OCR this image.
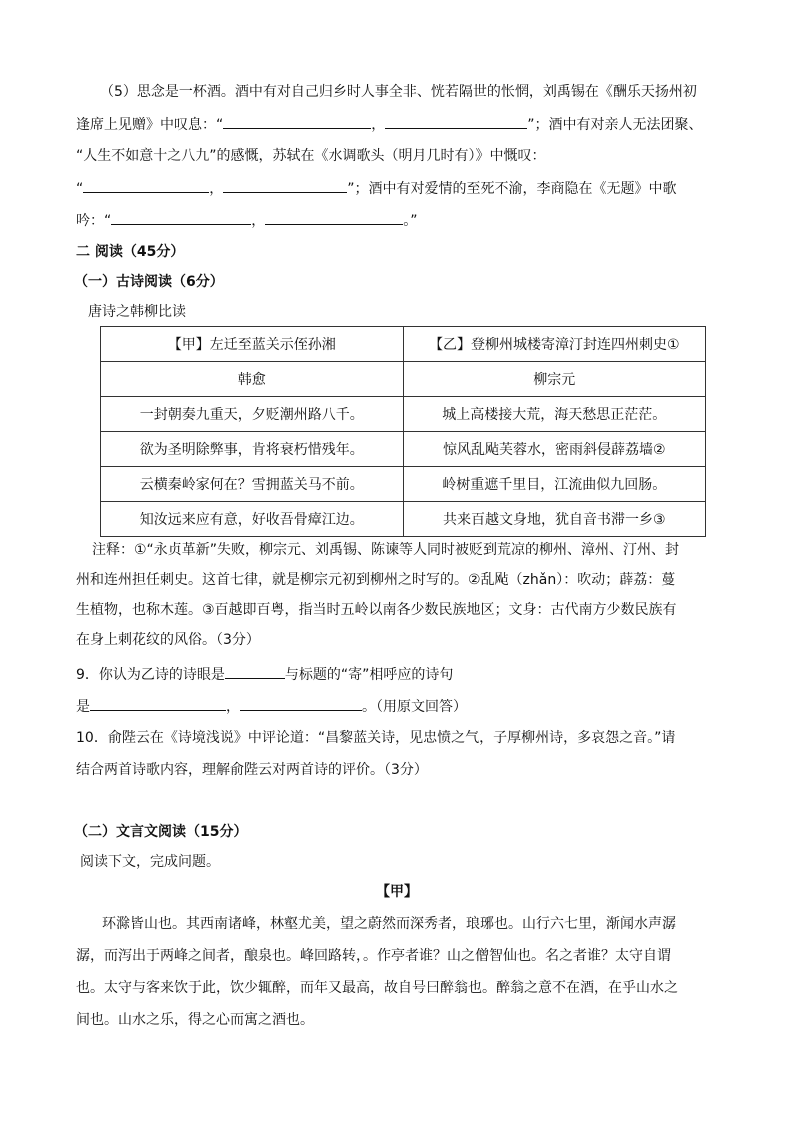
（5）思念是一杯酒。酒中有对自己归乡时人事全非、恍若隔世的怅惘，刘禹锡在《酬乐天扬州初
逢席上见赠》中叹息：“	，	”；酒中有对亲人无法团聚、
“人生不如意十之八九”的感慨，苏轼在《水调歌头（明月几时有）》中慨叹：
“	，	”；酒中有对爱情的至死不渝，李商隐在《无题》中歌
吟：“	，	。”
二 阅读（45分）
（一）古诗阅读（6分）
唐诗之韩柳比读
【甲】左迁至蓝关示侄孙湘	【乙】登柳州城楼寄漳汀封连四州刺史①
韩愈	柳宗元
一封朝奏九重天，夕贬潮州路八千。	城上高楼接大荒，海天愁思正茫茫。
欲为圣明除弊事，肯将衰朽惜残年。	惊风乱飐芙蓉水，密雨斜侵薜荔墙②
云横秦岭家何在？雪拥蓝关马不前。	岭树重遮千里目，江流曲似九回肠。
知汝远来应有意，好收吾骨瘴江边。	共来百越文身地，犹自音书滞一乡③
注释：①“永贞革新”失败，柳宗元、刘禹锡、陈谏等人同时被贬到荒凉的柳州、漳州、汀州、封
州和连州担任刺史。这首七律，就是柳宗元初到柳州之时写的。②乱飐（zhǎn）：吹动；薜荔：蔓
生植物，也称木莲。③百越即百粤，指当时五岭以南各少数民族地区；文身：古代南方少数民族有
在身上刺花纹的风俗。（3分）
9．你认为乙诗的诗眼是	与标题的“寄”相呼应的诗句
是	，	。（用原文回答）
10．俞陛云在《诗境浅说》中评论道：“昌黎蓝关诗，见忠愤之气，子厚柳州诗，多哀怨之音。”请
结合两首诗歌内容，理解俞陛云对两首诗的评价。（3分）
（二）文言文阅读（15分）
阅读下文，完成问题。
【甲】
环滁皆山也。其西南诸峰，林壑尤美，望之蔚然而深秀者，琅琊也。山行六七里，渐闻水声潺
潺，而泻出于两峰之间者，酿泉也。峰回路转，。作亭者谁？山之僧智仙也。名之者谁？太守自谓
也。太守与客来饮于此，饮少辄醉，而年又最高，故自号曰醉翁也。醉翁之意不在酒，在乎山水之
间也。山水之乐，得之心而寓之酒也。
